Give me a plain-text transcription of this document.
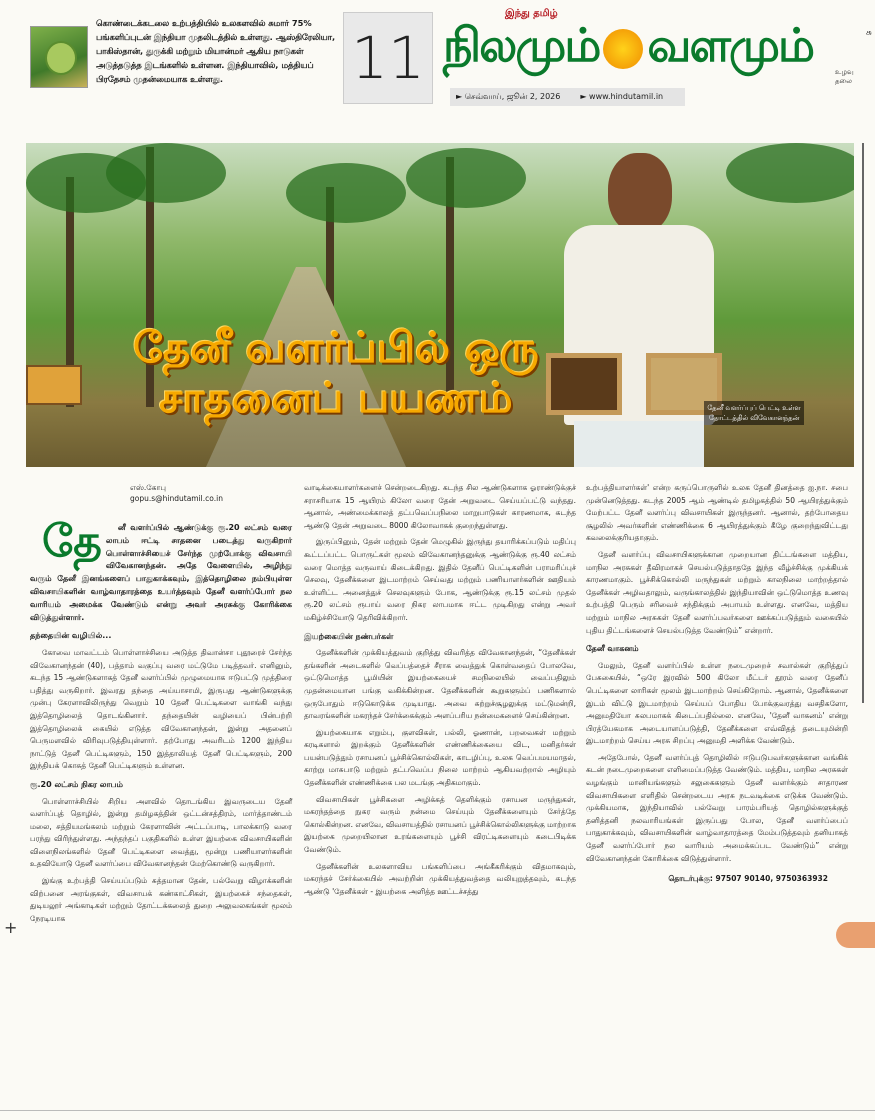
கொண்டைக்கடலை உற்பத்தியில் உலகளவில் சுமார் 75% பங்களிப்புடன் இந்தியா முதலிடத்தில் உள்ளது. ஆஸ்திரேலியா, பாகிஸ்தான், துருக்கி மற்றும் மியான்மர் ஆகிய நாடுகள் அடுத்தடுத்த இடங்களில் உள்ளன. இந்தியாவில், மத்தியப் பிரதேசம் முதன்மையாக உள்ளது.	11
இந்து தமிழ்
நிலமும் வளமும்	உழவு தலை
► செவ்வாய், ஜூன் 2, 2026	► www.hindutamil.in
சு
தேனீ வளர்ப்பில் ஒரு சாதனைப் பயணம்	தேனீ வளர்ப்புப் பெட்டி உள்ள தோட்டத்தில் விவேகானந்தன்
எஸ்.கோபு
gopu.s@hindutamil.co.in

தே னீ வளர்ப்பில் ஆண்டுக்கு ரூ.20 லட்சம் வரை லாபம் ஈட்டி சாதனை படைத்து வருகிறார் பொள்ளாச்சியைச் சேர்ந்த முற்போக்கு விவசாயி விவேகானந்தன். அதே வேளையில், அழிந்து வரும் தேனீ இனங்களைப் பாதுகாக்கவும், இத்தொழிலை நம்பியுள்ள விவசாயிகளின் வாழ்வாதாரத்தை உயர்த்தவும் தேனீ வளர்ப்போர் நல வாரியம் அமைக்க வேண்டும் என்று அவர் அரசுக்கு கோரிக்கை விடுத்துள்ளார்.

தந்தையின் வழியில்...

கோவை மாவட்டம் பொள்ளாச்சியை அடுத்த திவான்சா புதூரைச் சேர்ந்த விவேகானந்தன் (40), பத்தாம் வகுப்பு வரை மட்டுமே படித்தவர். எனினும், கடந்த 15 ஆண்டுகளாகத் தேனீ வளர்ப்பில் முழுமையாக ஈடுபட்டு முத்திரை பதித்து வருகிறார். இவரது தந்தை அய்யாசாமி, இருபது ஆண்டுகளுக்கு முன்பு கேரளாவிலிருந்து வெறும் 10 தேனீ பெட்டிகளை வாங்கி வந்து இத்தொழிலைத் தொடங்கினார். தந்தையின் வழியைப் பின்பற்றி இத்தொழிலைக் கையில் எடுத்த விவேகானந்தன், இன்று அதனைப் பெருமளவில் விரிவுபடுத்தியுள்ளார். தற்போது அவரிடம் 1200 இந்திய நாட்டுத் தேனீ பெட்டிகளும், 150 இத்தாலியத் தேனீ பெட்டிகளும், 200 இந்தியக் கொசுத் தேனீ பெட்டிகளும் உள்ளன.

ரூ.20 லட்சம் நிகர லாபம்

பொள்ளாச்சியில் சிறிய அளவில் தொடங்கிய இவருடைய தேனீ வளர்ப்புத் தொழில், இன்று தமிழகத்தின் ஒட்டன்சத்திரம், மார்த்தாண்டம் மலை, சத்தியமங்கலம் மற்றும் கேரளாவின் அட்டப்பாடி, பாலக்காடு வரை பரந்து விரிந்துள்ளது. அந்தந்தப் பகுதிகளில் உள்ள இயற்கை விவசாயிகளின் விளைநிலங்களில் தேனீ பெட்டிகளை வைத்து, மூன்று பணியாளர்களின் உதவியோடு தேனீ வளர்ப்பை விவேகானந்தன் மேற்கொண்டு வருகிறார்.

இங்கு உற்பத்தி செய்யப்படும் சுத்தமான தேன், பல்வேறு விழாக்களின் விற்பனை அரங்குகள், விவசாயக் கண்காட்சிகள், இயற்கைச் சந்தைகள், துடியலூர் அங்காடிகள் மற்றும் தோட்டக்கலைத் துறை அலுவலகங்கள் மூலம் நேரடியாக

வாடிக்கையாளர்களைச் சென்றடைகிறது. கடந்த சில ஆண்டுகளாக ஓராண்டுக்குச் சராசரியாக 15 ஆயிரம் கிலோ வரை தேன் அறுவடை செய்யப்பட்டு வந்தது. ஆனால், அண்மைக்காலத் தட்பவெப்பநிலை மாறுபாடுகள் காரணமாக, கடந்த ஆண்டு தேன் அறுவடை 8000 கிலோவாகக் குறைந்துள்ளது.

இருப்பினும், தேன் மற்றும் தேன் மெழுகில் இருந்து தயாரிக்கப்படும் மதிப்பு கூட்டப்பட்ட பொருட்கள் மூலம் விவேகானந்தனுக்கு ஆண்டுக்கு ரூ.40 லட்சம் வரை மொத்த வருவாய் கிடைக்கிறது. இதில் தேனீப் பெட்டிகளின் பராமரிப்புச் செலவு, தேனீக்களை இடமாற்றம் செய்வது மற்றும் பணியாளர்களின் ஊதியம் உள்ளிட்ட அனைத்துச் செலவுகளும் போக, ஆண்டுக்கு ரூ.15 லட்சம் முதல் ரூ.20 லட்சம் ரூபாய் வரை நிகர லாபமாக ஈட்ட முடிகிறது என்று அவர் மகிழ்ச்சியோடு தெரிவிக்கிறார்.

இயற்கையின் நண்பர்கள்

தேனீக்களின் முக்கியத்துவம் குறித்து விவரித்த விவேகானந்தன், “தேனீக்கள் தங்களின் அடைகளில் வெப்பத்தைச் சீராக வைத்துக் கொள்வதைப் போலவே, ஒட்டுமொத்த பூமியின் இயற்கையைச் சமநிலையில் வைப்பதிலும் முதன்மையான பங்கு வகிக்கின்றன. தேனீக்களின் கூறுகளும்ப் பணிகளால் ஒருபோதும் ஈடுகொடுக்க முடியாது. அவை சுற்றுச்சூழலுக்கு மட்டுமன்றி, தாவரங்களின் மகரந்தச் சேர்க்கைக்கும் அளப்பரிய நன்மைகளைச் செய்கின்றன.

இயற்கையாக எறும்பு, குளவிகள், பல்லி, ஓணான், பறவைகள் மற்றும் கரடிகளால் இறக்கும் தேனீக்களின் எண்ணிக்கையை விட, மனிதர்கள் பயன்படுத்தும் ரசாயனப் பூச்சிக்கொல்லிகள், காடழிப்பு, உலக வெப்பமயமாதல், காற்று மாசுபாடு மற்றும் தட்பவெப்ப நிலை மாற்றம் ஆகியவற்றால் அழியும் தேனீக்களின் எண்ணிக்கை பல மடங்கு அதிகமாகும்.

விவசாயிகள் பூச்சிகளை அழிக்கத் தெளிக்கும் ரசாயன மருந்துகள், மகரந்தத்தை நுகர வரும் நன்மை செய்யும் தேனீக்களையும் சேர்த்தே கொல்கின்றன. எனவே, விவசாயத்தில் ரசாயனப் பூச்சிக்கொல்லிகளுக்கு மாற்றாக இயற்கை முறையிலான உரங்களையும் பூச்சி விரட்டிகளையும் கடைபிடிக்க வேண்டும்.

தேனீக்களின் உலகளாவிய பங்களிப்பை அங்கீகரிக்கும் விதமாகவும், மகரந்தச் சேர்க்கையில் அவற்றின் முக்கியத்துவத்தை வலியுறுத்தவும், கடந்த ஆண்டு 'தேனீக்கள் - இயற்கை அளித்த ஊட்டச்சத்து

உற்பத்தியாளர்கள்' என்ற கருப்பொருளில் உலக தேனீ தினத்தை ஐ.நா. சபை முன்னெடுத்தது. கடந்த 2005 ஆம் ஆண்டில் தமிழகத்தில் 50 ஆயிரத்துக்கும் மேற்பட்ட தேனீ வளர்ப்பு விவசாயிகள் இருந்தனர். ஆனால், தற்போதைய சூழலில் அவர்களின் எண்ணிக்கை 6 ஆயிரத்துக்கும் கீழே குறைந்துவிட்டது கவலைக்குரியதாகும்.

தேனீ வளர்ப்பு விவசாயிகளுக்கான முறையான திட்டங்களை மத்திய, மாநில அரசுகள் தீவிரமாகச் செயல்படுத்தாததே இந்த வீழ்ச்சிக்கு முக்கியக் காரணமாகும். பூச்சிக்கொல்லி மருந்துகள் மற்றும் காலநிலை மாற்றத்தால் தேனீக்கள் அழிவதாலும், வருங்காலத்தில் இந்தியாவின் ஒட்டுமொத்த உணவு உற்பத்தி பெரும் சரிவைச் சந்திக்கும் அபாயம் உள்ளது. எனவே, மத்திய மற்றும் மாநில அரசுகள் தேனீ வளர்ப்பவர்களை ஊக்கப்படுத்தும் வகையில் புதிய திட்டங்களைச் செயல்படுத்த வேண்டும்” என்றார்.

தேனீ வாகனம்

மேலும், தேனீ வளர்ப்பில் உள்ள நடைமுறைச் சவால்கள் குறித்துப் பேசுகையில், “ஒரே இரவில் 500 கிலோ மீட்டர் தூரம் வரை தேனீப் பெட்டிகளை லாரிகள் மூலம் இடமாற்றம் செய்கிறோம். ஆனால், தேனீக்களை இடம் விட்டு இடமாற்றம் செய்யப் போதிய போக்குவரத்து வசதிகளோ, அனுமதியோ சுலபமாகக் கிடைப்பதில்லை. எனவே, 'தேனீ வாகனம்' என்று பிரத்யேகமாக அடையாளப்படுத்தி, தேனீக்களை எவ்விதத் தடையுமின்றி இடமாற்றம் செய்ய அரசு சிறப்பு அனுமதி அளிக்க வேண்டும்.

அதேபோல், தேனீ வளர்ப்புத் தொழிலில் ஈடுபடுபவர்களுக்கான வங்கிக் கடன் நடைமுறைகளை எளிமைப்படுத்த வேண்டும். மத்திய, மாநில அரசுகள் வழங்கும் மானியங்களும் சலுகைகளும் தேனீ வளர்க்கும் சாதாரண விவசாயிகளை எளிதில் சென்றடைய அரசு நடவடிக்கை எடுக்க வேண்டும். முக்கியமாக, இந்தியாவில் பல்வேறு பாரம்பரியத் தொழில்களுக்குத் தனித்தனி நலவாரியங்கள் இருப்பது போல, தேனீ வளர்ப்பைப் பாதுகாக்கவும், விவசாயிகளின் வாழ்வாதாரத்தை மேம்படுத்தவும் தனியாகத் தேனீ வளர்ப்போர் நல வாரியம் அமைக்கப்பட வேண்டும்” என்று விவேகானந்தன் கோரிக்கை விடுத்துள்ளார்.

தொடர்புக்கு: 97507 90140, 9750363932
+
